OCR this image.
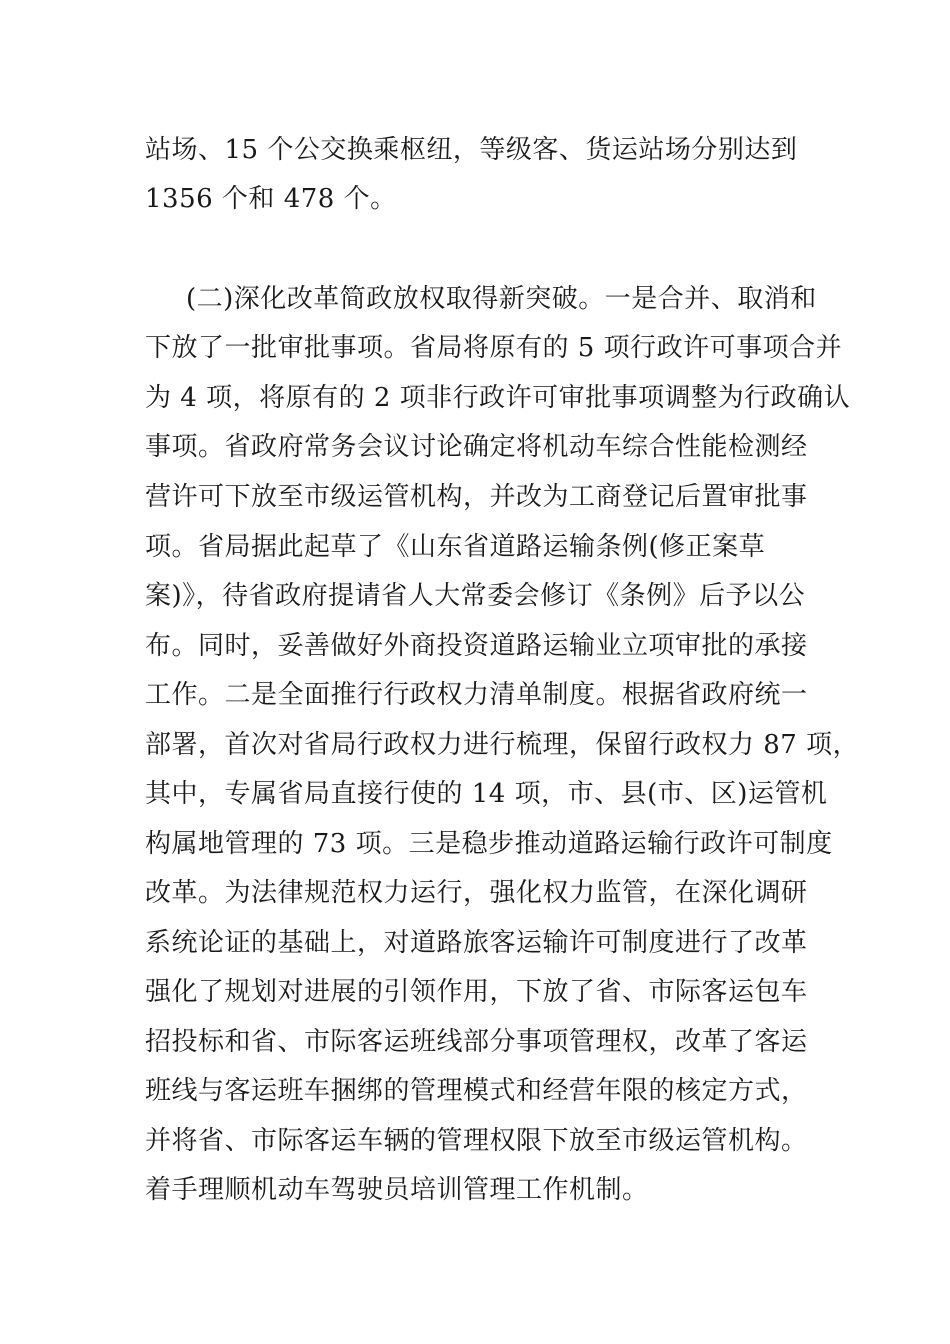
站场、15 个公交换乘枢纽，等级客、货运站场分别达到
1356 个和 478 个。
(二)深化改革简政放权取得新突破。一是合并、取消和
下放了一批审批事项。省局将原有的 5 项行政许可事项合并
为 4 项，将原有的 2 项非行政许可审批事项调整为行政确认
事项。省政府常务会议讨论确定将机动车综合性能检测经
营许可下放至市级运管机构，并改为工商登记后置审批事
项。省局据此起草了《山东省道路运输条例(修正案草
案)》，待省政府提请省人大常委会修订《条例》后予以公
布。同时，妥善做好外商投资道路运输业立项审批的承接
工作。二是全面推行行政权力清单制度。根据省政府统一
部署，首次对省局行政权力进行梳理，保留行政权力 87 项，
其中，专属省局直接行使的 14 项，市、县(市、区)运管机
构属地管理的 73 项。三是稳步推动道路运输行政许可制度
改革。为法律规范权力运行，强化权力监管，在深化调研
系统论证的基础上，对道路旅客运输许可制度进行了改革
强化了规划对进展的引领作用，下放了省、市际客运包车
招投标和省、市际客运班线部分事项管理权，改革了客运
班线与客运班车捆绑的管理模式和经营年限的核定方式，
并将省、市际客运车辆的管理权限下放至市级运管机构。
着手理顺机动车驾驶员培训管理工作机制。
